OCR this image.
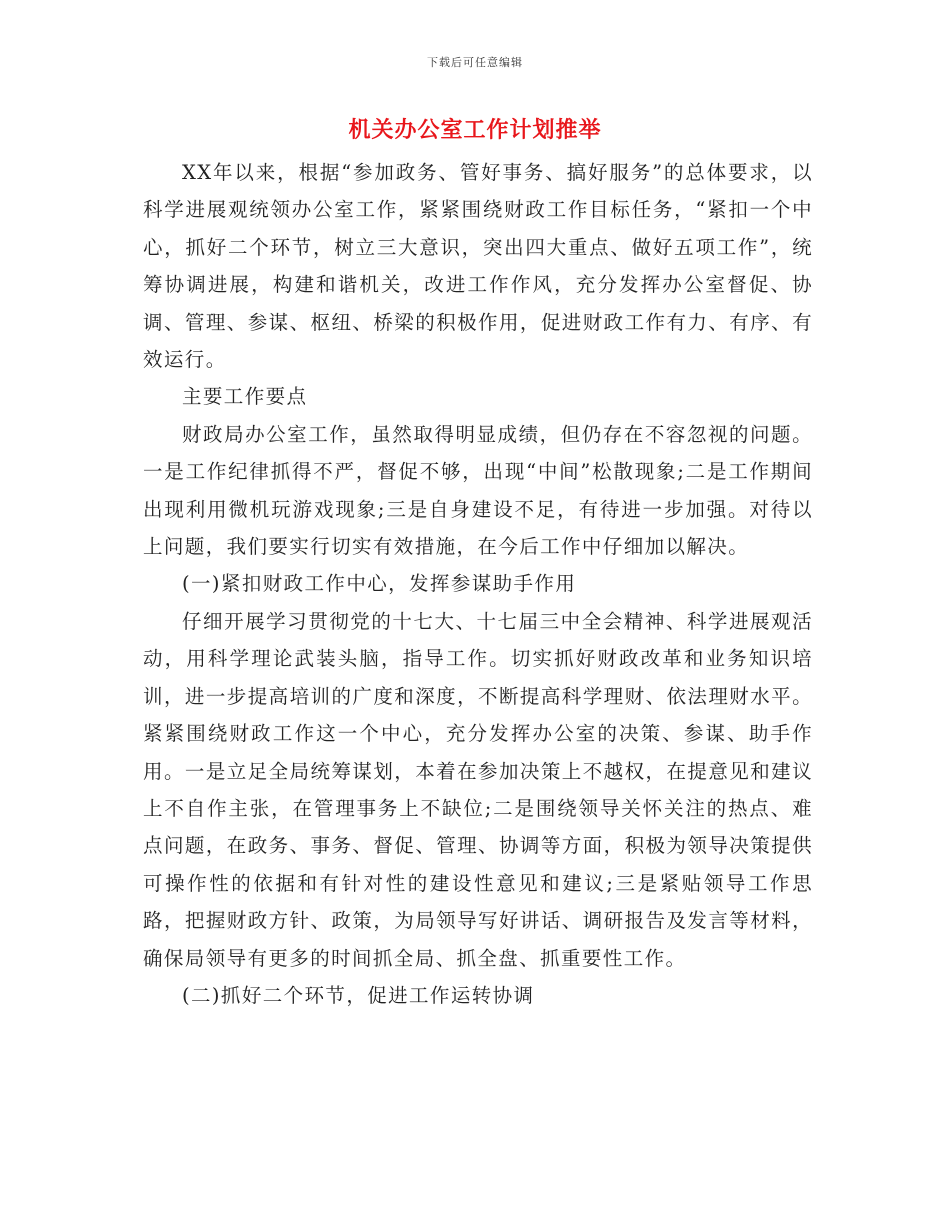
下载后可任意编辑
机关办公室工作计划推举

XX年以来，根据“参加政务、管好事务、搞好服务”的总体要求，以科学进展观统领办公室工作，紧紧围绕财政工作目标任务，“紧扣一个中心，抓好二个环节，树立三大意识，突出四大重点、做好五项工作”，统筹协调进展，构建和谐机关，改进工作作风，充分发挥办公室督促、协调、管理、参谋、枢纽、桥梁的积极作用，促进财政工作有力、有序、有效运行。

主要工作要点

财政局办公室工作，虽然取得明显成绩，但仍存在不容忽视的问题。一是工作纪律抓得不严，督促不够，出现“中间”松散现象;二是工作期间出现利用微机玩游戏现象;三是自身建设不足，有待进一步加强。对待以上问题，我们要实行切实有效措施，在今后工作中仔细加以解决。

(一)紧扣财政工作中心，发挥参谋助手作用

仔细开展学习贯彻党的十七大、十七届三中全会精神、科学进展观活动，用科学理论武装头脑，指导工作。切实抓好财政改革和业务知识培训，进一步提高培训的广度和深度，不断提高科学理财、依法理财水平。紧紧围绕财政工作这一个中心，充分发挥办公室的决策、参谋、助手作用。一是立足全局统筹谋划，本着在参加决策上不越权，在提意见和建议上不自作主张，在管理事务上不缺位;二是围绕领导关怀关注的热点、难点问题，在政务、事务、督促、管理、协调等方面，积极为领导决策提供可操作性的依据和有针对性的建设性意见和建议;三是紧贴领导工作思路，把握财政方针、政策，为局领导写好讲话、调研报告及发言等材料，确保局领导有更多的时间抓全局、抓全盘、抓重要性工作。

(二)抓好二个环节，促进工作运转协调
